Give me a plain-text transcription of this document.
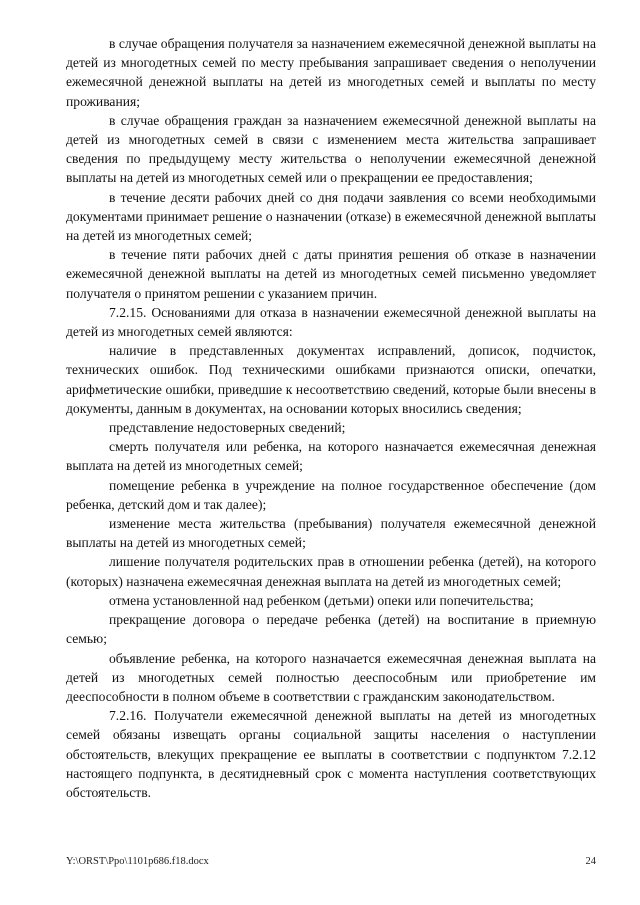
в случае обращения получателя за назначением ежемесячной денежной выплаты на детей из многодетных семей по месту пребывания запрашивает сведения о неполучении ежемесячной денежной выплаты на детей из многодетных семей и выплаты по месту проживания;

в случае обращения граждан за назначением ежемесячной денежной выплаты на детей из многодетных семей в связи с изменением места жительства запрашивает сведения по предыдущему месту жительства о неполучении ежемесячной денежной выплаты на детей из многодетных семей или о прекращении ее предоставления;

в течение десяти рабочих дней со дня подачи заявления со всеми необходимыми документами принимает решение о назначении (отказе) в ежемесячной денежной выплаты на детей из многодетных семей;

в течение пяти рабочих дней с даты принятия решения об отказе в назначении ежемесячной денежной выплаты на детей из многодетных семей письменно уведомляет получателя о принятом решении с указанием причин.

7.2.15. Основаниями для отказа в назначении ежемесячной денежной выплаты на детей из многодетных семей являются:

наличие в представленных документах исправлений, дописок, подчисток, технических ошибок. Под техническими ошибками признаются описки, опечатки, арифметические ошибки, приведшие к несоответствию сведений, которые были внесены в документы, данным в документах, на основании которых вносились сведения;

представление недостоверных сведений;

смерть получателя или ребенка, на которого назначается ежемесячная денежная выплата на детей из многодетных семей;

помещение ребенка в учреждение на полное государственное обеспечение (дом ребенка, детский дом и так далее);

изменение места жительства (пребывания) получателя ежемесячной денежной выплаты на детей из многодетных семей;

лишение получателя родительских прав в отношении ребенка (детей), на которого (которых) назначена ежемесячная денежная выплата на детей из многодетных семей;

отмена установленной над ребенком (детьми) опеки или попечительства;

прекращение договора о передаче ребенка (детей) на воспитание в приемную семью;

объявление ребенка, на которого назначается ежемесячная денежная выплата на детей из многодетных семей полностью дееспособным или приобретение им дееспособности в полном объеме в соответствии с гражданским законодательством.

7.2.16. Получатели ежемесячной денежной выплаты на детей из многодетных семей обязаны извещать органы социальной защиты населения о наступлении обстоятельств, влекущих прекращение ее выплаты в соответствии с подпунктом 7.2.12 настоящего подпункта, в десятидневный срок с момента наступления соответствующих обстоятельств.

Y:\ORST\Ppo\1101p686.f18.docx	24
